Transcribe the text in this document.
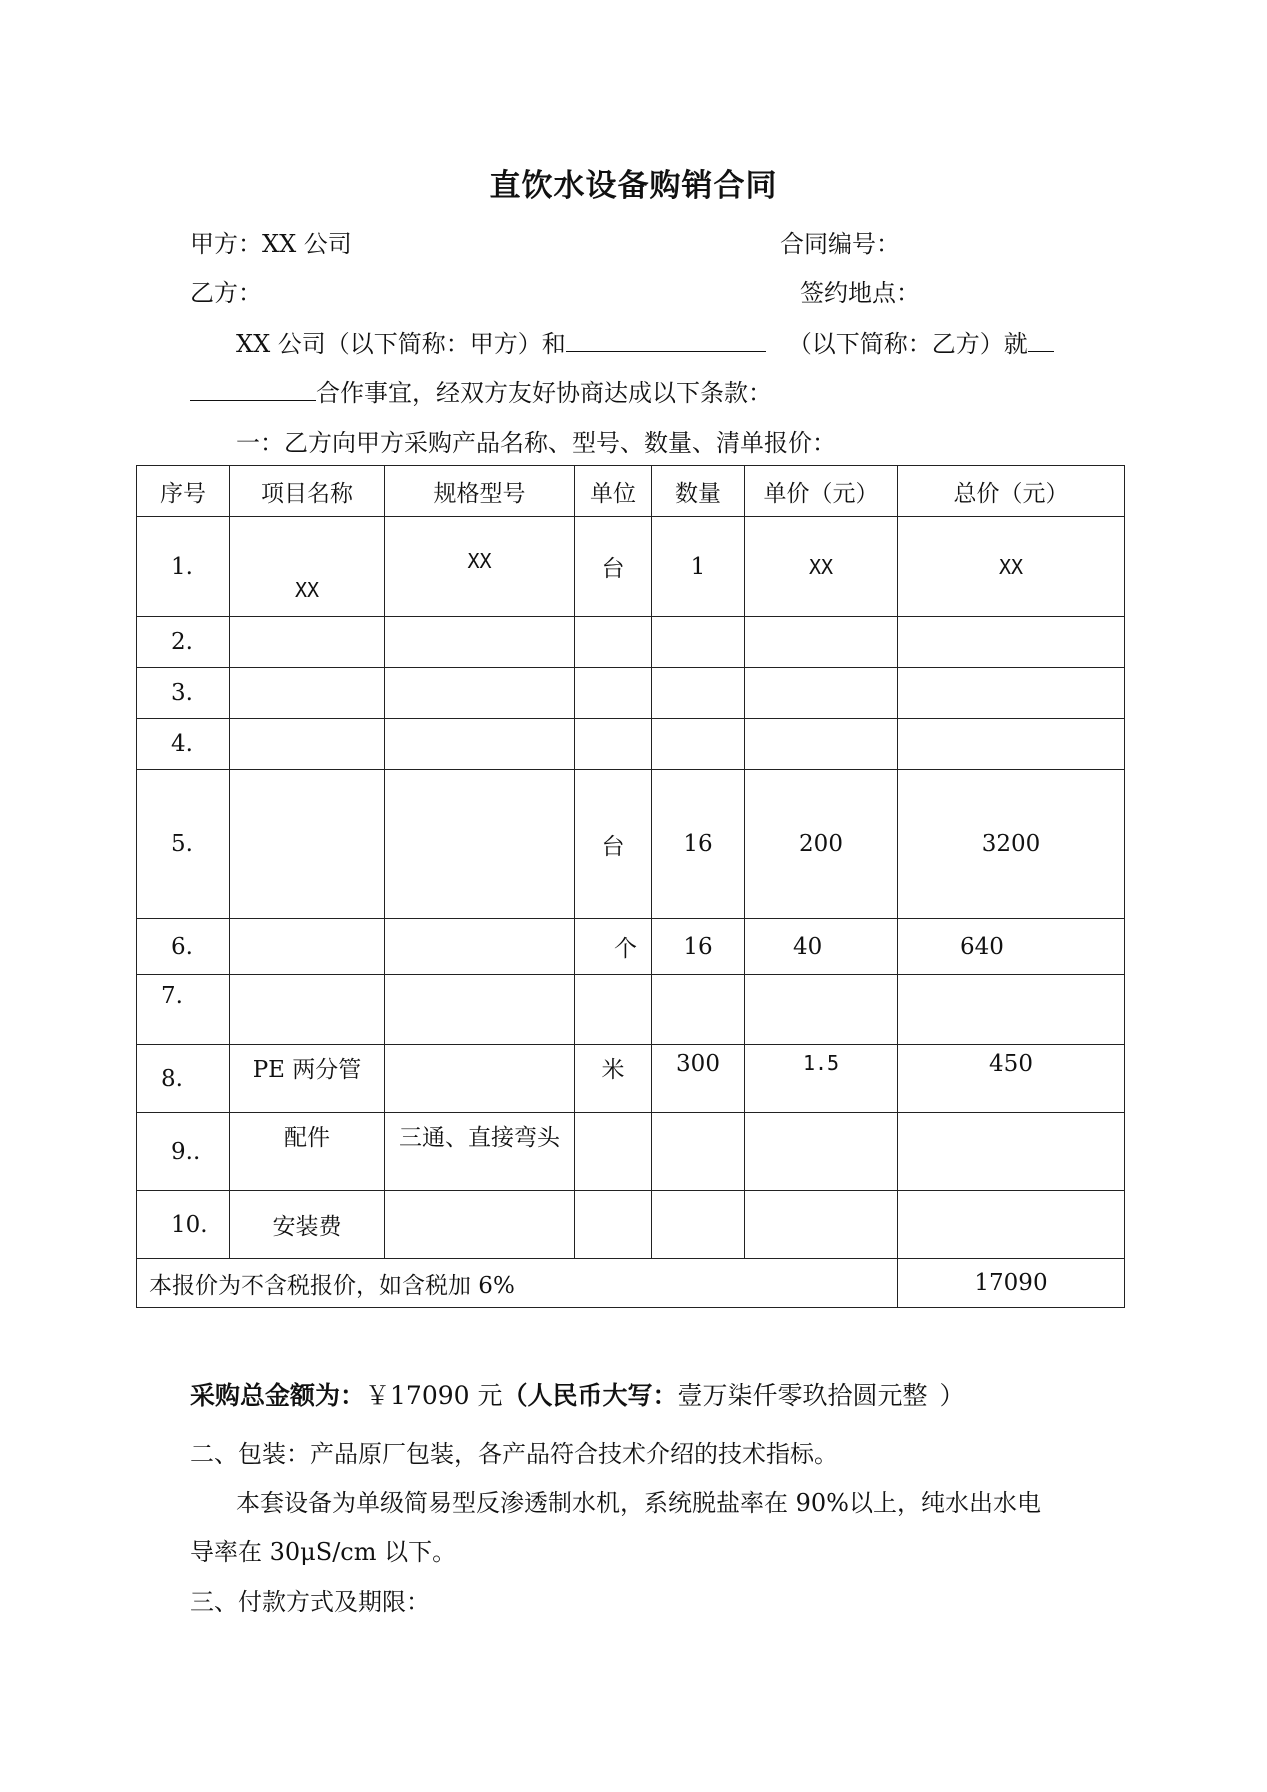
直饮水设备购销合同
甲方：XX 公司	合同编号：
乙方：	签约地点：
XX 公司（以下简称：甲方）和	（以下简称：乙方）就
合作事宜，经双方友好协商达成以下条款：
一：乙方向甲方采购产品名称、型号、数量、清单报价：
序号	项目名称	规格型号	单位	数量	单价（元）	总价（元）
1.	XX	XX	台	1	XX	XX
2.						
3.						
4.						
5.			台	16	200	3200
6.			个	16	40	640
7.						
8.	PE 两分管		米	300	1.5	450
9..	配件	三通、直接弯头				
10.	安装费					
本报价为不含税报价，如含税加 6%						17090
采购总金额为：￥17090 元（人民币大写：壹万柒仟零玖拾圆元整 ）
二、包装：产品原厂包装，各产品符合技术介绍的技术指标。
本套设备为单级简易型反渗透制水机，系统脱盐率在 90%以上，纯水出水电
导率在 30μS/cm 以下。
三、付款方式及期限：
